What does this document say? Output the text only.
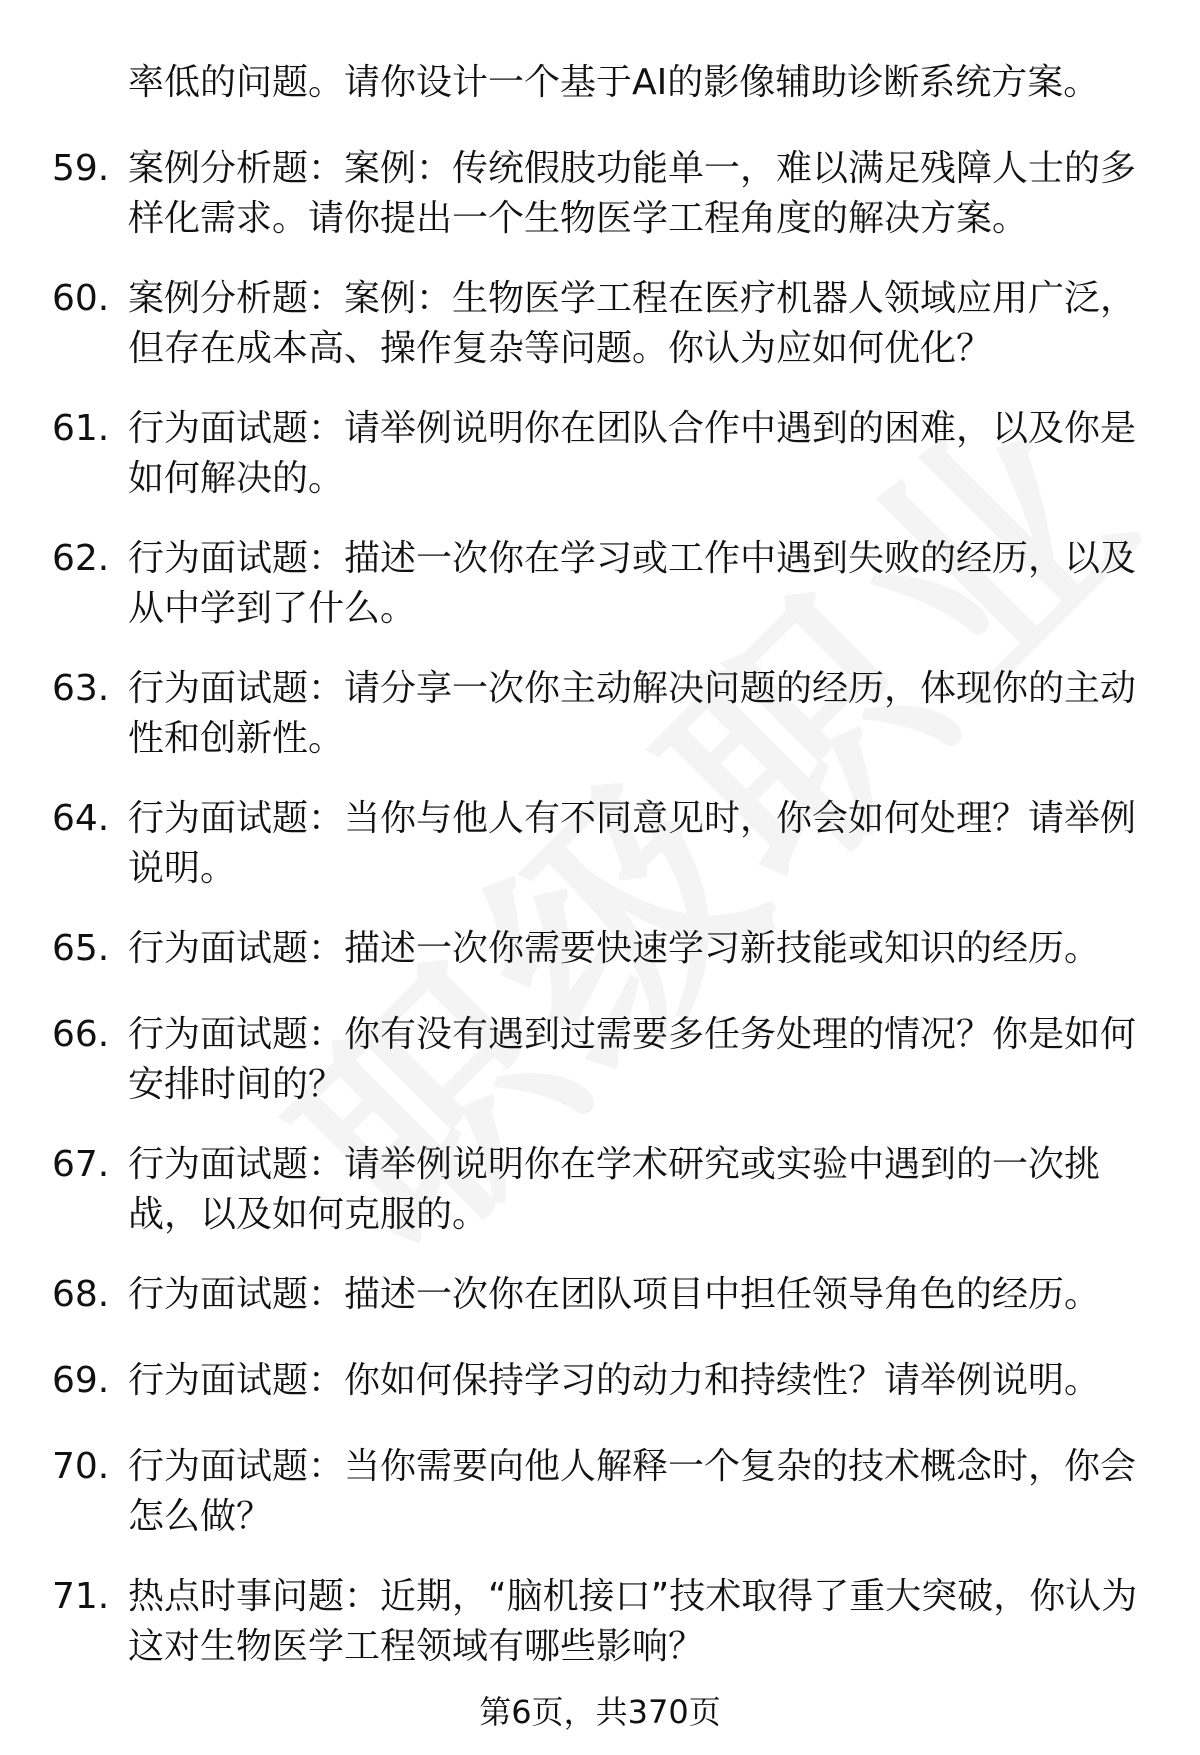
率低的问题。请你设计一个基于AI的影像辅助诊断系统方案。

59. 案例分析题：案例：传统假肢功能单一，难以满足残障人士的多样化需求。请你提出一个生物医学工程角度的解决方案。
60. 案例分析题：案例：生物医学工程在医疗机器人领域应用广泛，但存在成本高、操作复杂等问题。你认为应如何优化？
61. 行为面试题：请举例说明你在团队合作中遇到的困难，以及你是如何解决的。
62. 行为面试题：描述一次你在学习或工作中遇到失败的经历，以及从中学到了什么。
63. 行为面试题：请分享一次你主动解决问题的经历，体现你的主动性和创新性。
64. 行为面试题：当你与他人有不同意见时，你会如何处理？请举例说明。
65. 行为面试题：描述一次你需要快速学习新技能或知识的经历。
66. 行为面试题：你有没有遇到过需要多任务处理的情况？你是如何安排时间的？
67. 行为面试题：请举例说明你在学术研究或实验中遇到的一次挑战，以及如何克服的。
68. 行为面试题：描述一次你在团队项目中担任领导角色的经历。
69. 行为面试题：你如何保持学习的动力和持续性？请举例说明。
70. 行为面试题：当你需要向他人解释一个复杂的技术概念时，你会怎么做？
71. 热点时事问题：近期，“脑机接口”技术取得了重大突破，你认为这对生物医学工程领域有哪些影响？
第6页，共370页
